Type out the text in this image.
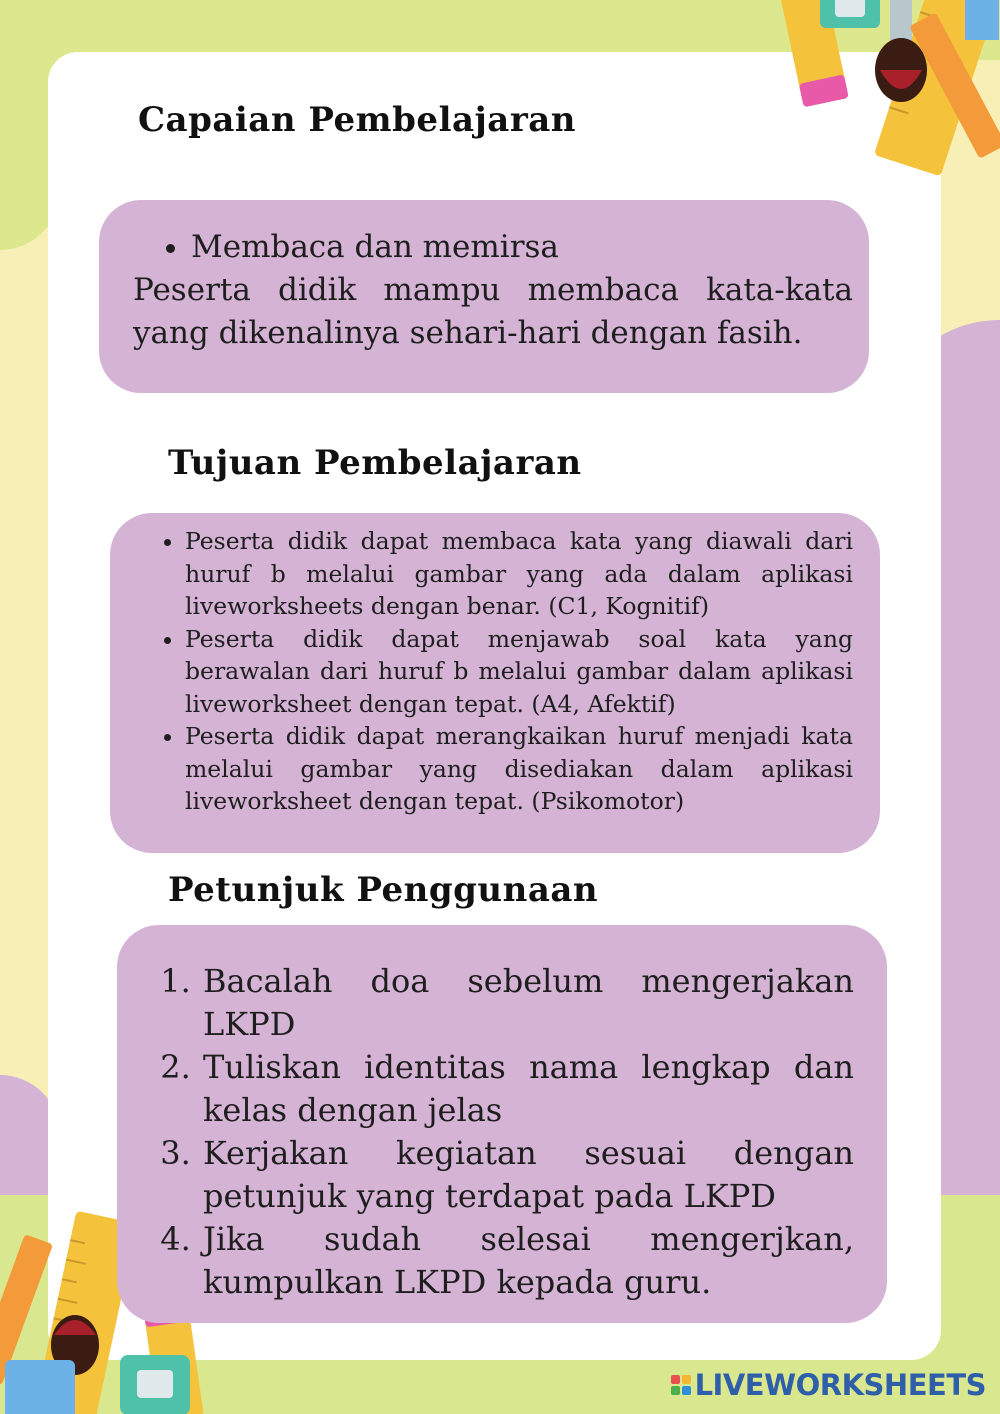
Capaian Pembelajaran
• Membaca dan memirsa

Peserta didik mampu membaca kata-kata yang dikenalinya sehari-hari dengan fasih.

Tujuan Pembelajaran
• Peserta didik dapat membaca kata yang diawali dari huruf b melalui gambar yang ada dalam aplikasi liveworksheets dengan benar. (C1, Kognitif)
• Peserta didik dapat menjawab soal kata yang berawalan dari huruf b melalui gambar dalam aplikasi liveworksheet dengan tepat. (A4, Afektif)
• Peserta didik dapat merangkaikan huruf menjadi kata melalui gambar yang disediakan dalam aplikasi liveworksheet dengan tepat. (Psikomotor)
Petunjuk Penggunaan
1. Bacalah doa sebelum mengerjakan LKPD
2. Tuliskan identitas nama lengkap dan kelas dengan jelas
3. Kerjakan kegiatan sesuai dengan petunjuk yang terdapat pada LKPD
4. Jika sudah selesai mengerjkan, kumpulkan LKPD kepada guru.
LIVEWORKSHEETS
